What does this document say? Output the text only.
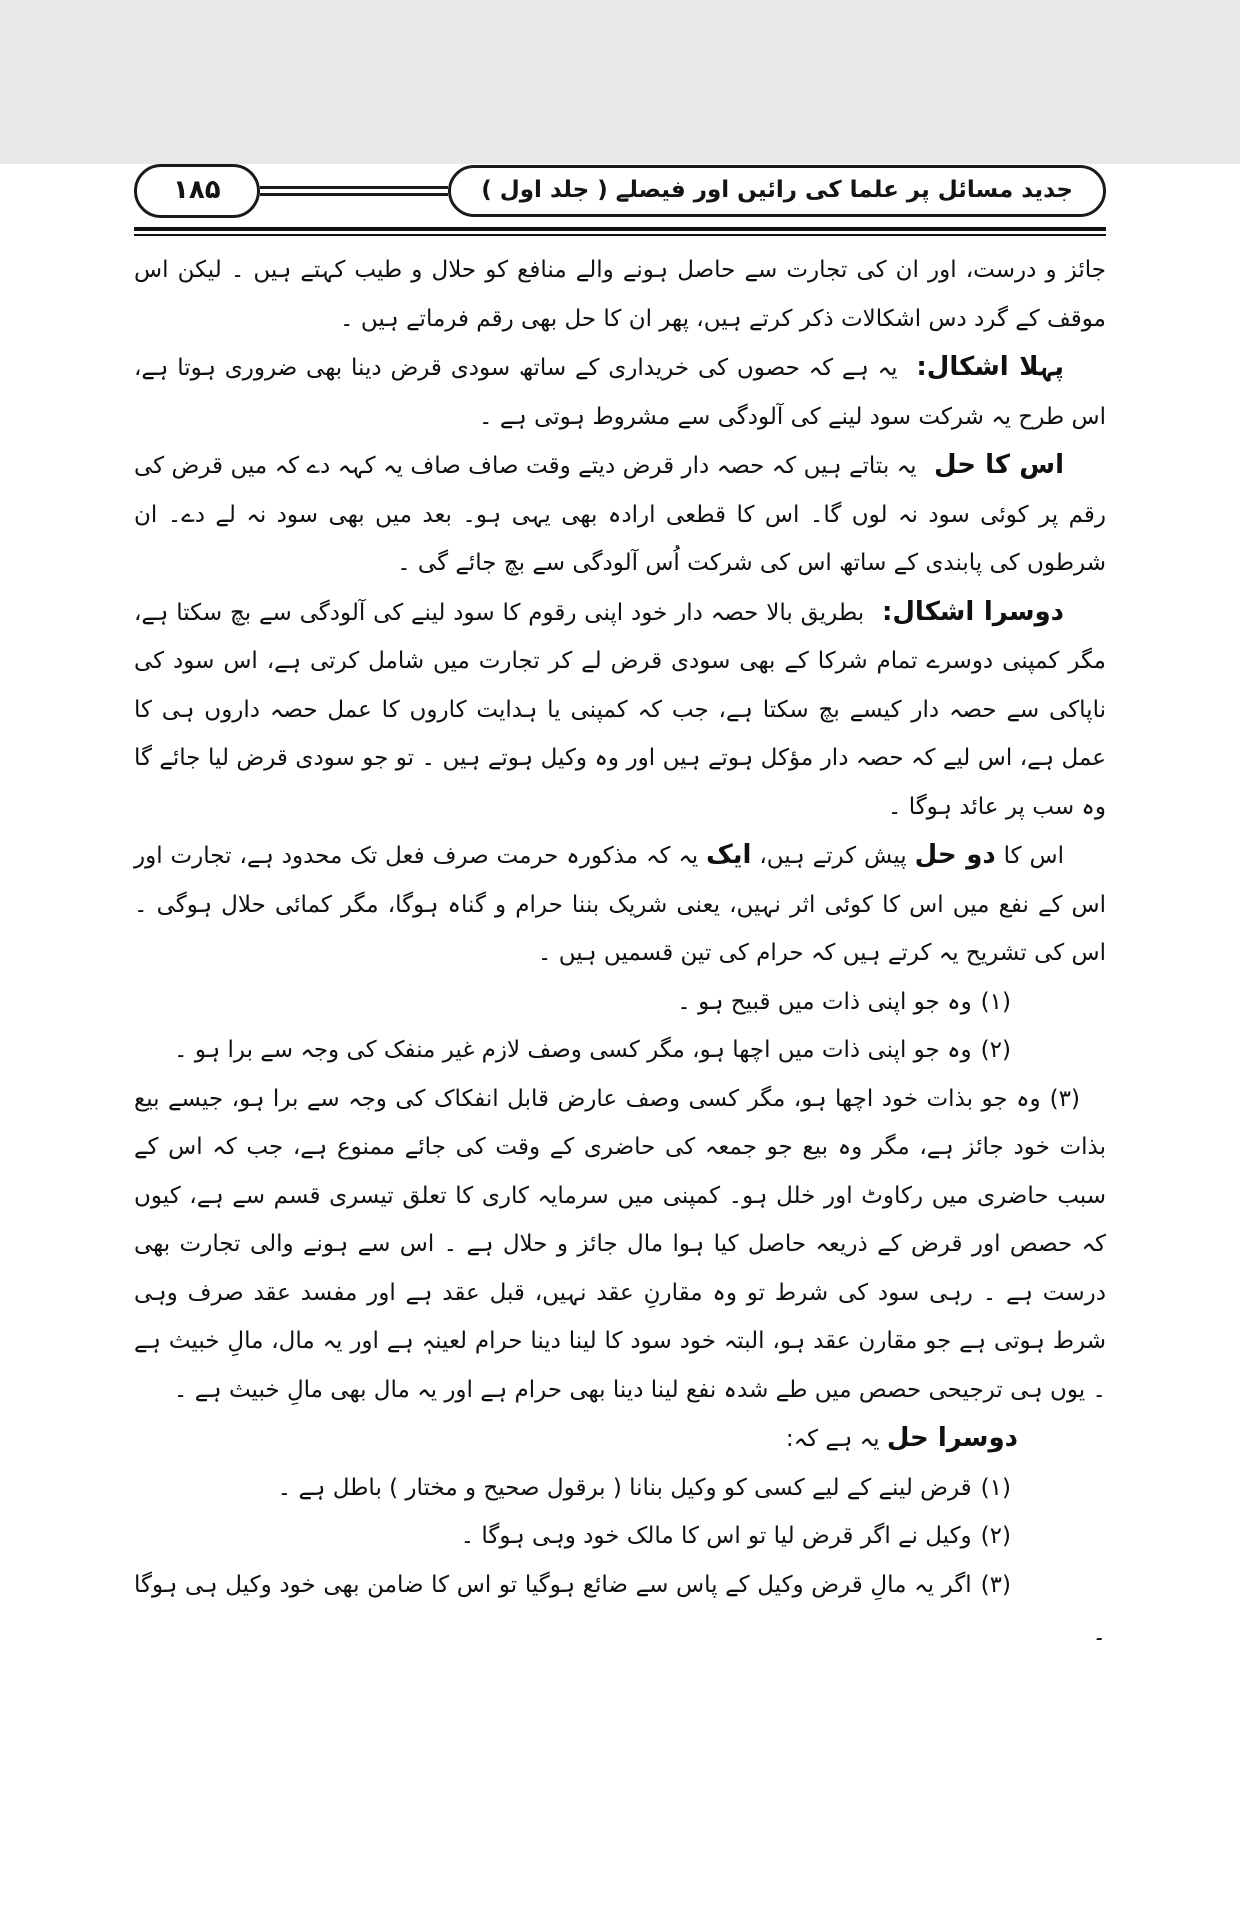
جدید مسائل پر علما کی رائیں اور فیصلے ( جلد اول )
۱۸۵

جائز و درست، اور ان کی تجارت سے حاصل ہونے والے منافع کو حلال و طیب کہتے ہیں ۔ لیکن اس موقف کے گرد دس اشکالات ذکر کرتے ہیں، پھر ان کا حل بھی رقم فرماتے ہیں ۔

پہلا اشکال: یہ ہے کہ حصوں کی خریداری کے ساتھ سودی قرض دینا بھی ضروری ہوتا ہے، اس طرح یہ شرکت سود لینے کی آلودگی سے مشروط ہوتی ہے ۔

اس کا حل یہ بتاتے ہیں کہ حصہ دار قرض دیتے وقت صاف صاف یہ کہہ دے کہ میں قرض کی رقم پر کوئی سود نہ لوں گا۔ اس کا قطعی ارادہ بھی یہی ہو۔ بعد میں بھی سود نہ لے دے۔ ان شرطوں کی پابندی کے ساتھ اس کی شرکت اُس آلودگی سے بچ جائے گی ۔

دوسرا اشکال: بطریق بالا حصہ دار خود اپنی رقوم کا سود لینے کی آلودگی سے بچ سکتا ہے، مگر کمپنی دوسرے تمام شرکا کے بھی سودی قرض لے کر تجارت میں شامل کرتی ہے، اس سود کی ناپاکی سے حصہ دار کیسے بچ سکتا ہے، جب کہ کمپنی یا ہدایت کاروں کا عمل حصہ داروں ہی کا عمل ہے، اس لیے کہ حصہ دار مؤکل ہوتے ہیں اور وہ وکیل ہوتے ہیں ۔ تو جو سودی قرض لیا جائے گا وہ سب پر عائد ہوگا ۔

اس کا دو حل پیش کرتے ہیں، ایک یہ کہ مذکورہ حرمت صرف فعل تک محدود ہے، تجارت اور اس کے نفع میں اس کا کوئی اثر نہیں، یعنی شریک بننا حرام و گناہ ہوگا، مگر کمائی حلال ہوگی ۔ اس کی تشریح یہ کرتے ہیں کہ حرام کی تین قسمیں ہیں ۔

(۱)وہ جو اپنی ذات میں قبیح ہو ۔

(۲)وہ جو اپنی ذات میں اچھا ہو، مگر کسی وصف لازم غیر منفک کی وجہ سے برا ہو ۔

(۳)وہ جو بذات خود اچھا ہو، مگر کسی وصف عارض قابل انفکاک کی وجہ سے برا ہو، جیسے بیع بذات خود جائز ہے، مگر وہ بیع جو جمعہ کی حاضری کے وقت کی جائے ممنوع ہے، جب کہ اس کے سبب حاضری میں رکاوٹ اور خلل ہو۔ کمپنی میں سرمایہ کاری کا تعلق تیسری قسم سے ہے، کیوں کہ حصص اور قرض کے ذریعہ حاصل کیا ہوا مال جائز و حلال ہے ۔ اس سے ہونے والی تجارت بھی درست ہے ۔ رہی سود کی شرط تو وہ مقارنِ عقد نہیں، قبل عقد ہے اور مفسد عقد صرف وہی شرط ہوتی ہے جو مقارن عقد ہو، البتہ خود سود کا لینا دینا حرام لعینہٖ ہے اور یہ مال، مالِ خبیث ہے ۔ یوں ہی ترجیحی حصص میں طے شدہ نفع لینا دینا بھی حرام ہے اور یہ مال بھی مالِ خبیث ہے ۔

دوسرا حل یہ ہے کہ:

(۱)قرض لینے کے لیے کسی کو وکیل بنانا ( برقول صحیح و مختار ) باطل ہے ۔

(۲)وکیل نے اگر قرض لیا تو اس کا مالک خود وہی ہوگا ۔

(۳)اگر یہ مالِ قرض وکیل کے پاس سے ضائع ہوگیا تو اس کا ضامن بھی خود وکیل ہی ہوگا ۔
